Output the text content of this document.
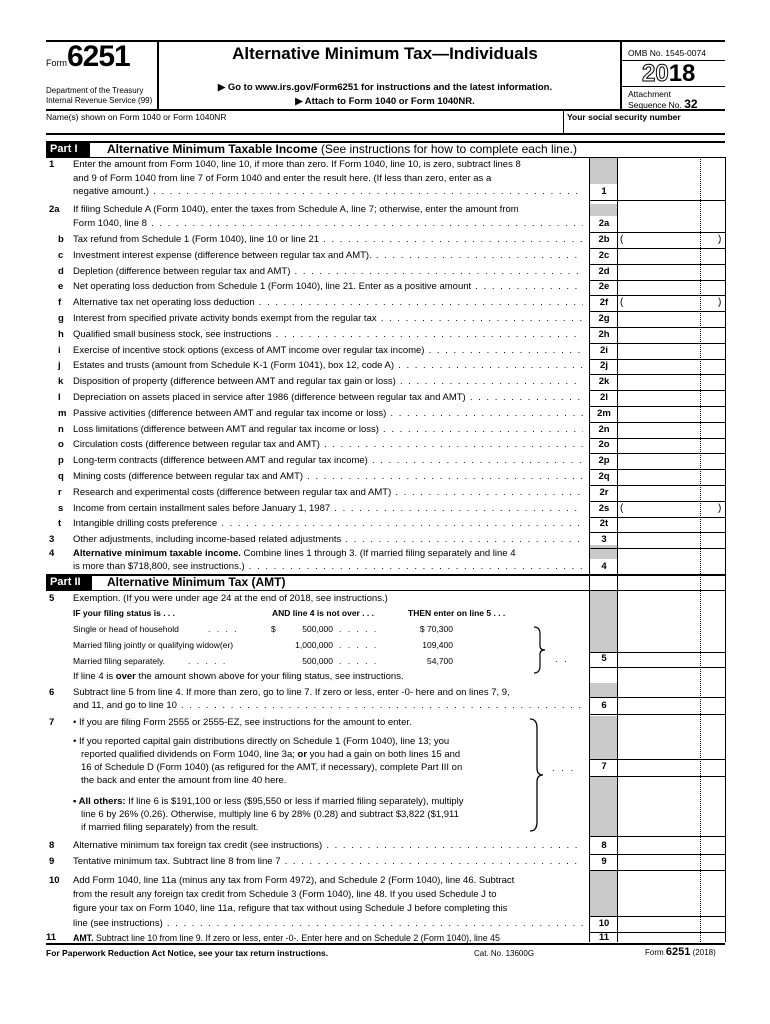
Form 6251
Department of the Treasury
Internal Revenue Service (99)
Alternative Minimum Tax—Individuals
▶ Go to www.irs.gov/Form6251 for instructions and the latest information.
▶ Attach to Form 1040 or Form 1040NR.
OMB No. 1545-0074
2018
Attachment
Sequence No. 32
Name(s) shown on Form 1040 or Form 1040NR	Your social security number
Part I	Alternative Minimum Taxable Income (See instructions for how to complete each line.)
1 Enter the amount from Form 1040, line 10, if more than zero. If Form 1040, line 10, is zero, subtract lines 8
and 9 of Form 1040 from line 7 of Form 1040 and enter the result here. (If less than zero, enter as a
negative amount.) . . .	1
2a If filing Schedule A (Form 1040), enter the taxes from Schedule A, line 7; otherwise, enter the amount from
Form 1040, line 8 . . .	2a
b Tax refund from Schedule 1 (Form 1040), line 10 or line 21 . . .	2b	(	)
c	Investment interest expense (difference between regular tax and AMT). . . .	2c
d Depletion (difference between regular tax and AMT) . . .	2d
e	Net operating loss deduction from Schedule 1 (Form 1040), line 21. Enter as a positive amount . . .	2e
f	Alternative tax net operating loss deduction . . .	2f	(	)
g Interest from specified private activity bonds exempt from the regular tax . . .	2g
h Qualified small business stock, see instructions . . .	2h
i	Exercise of incentive stock options (excess of AMT income over regular tax income) . . .	2i
j	Estates and trusts (amount from Schedule K-1 (Form 1041), box 12, code A) . . .	2j
k	Disposition of property (difference between AMT and regular tax gain or loss) . . .	2k
l	Depreciation on assets placed in service after 1986 (difference between regular tax and AMT) . . .	2l
m Passive activities (difference between AMT and regular tax income or loss) . . .	2m
n Loss limitations (difference between AMT and regular tax income or loss) . . .	2n
o Circulation costs (difference between regular tax and AMT) . . .	2o
p Long-term contracts (difference between AMT and regular tax income) . . .	2p
q Mining costs (difference between regular tax and AMT) . . .	2q
r	Research and experimental costs (difference between regular tax and AMT) . . .	2r
s	Income from certain installment sales before January 1, 1987 . . .	2s	(	)
t	Intangible drilling costs preference . . .	2t
3	Other adjustments, including income-based related adjustments . . .	3
4 Alternative minimum taxable income. Combine lines 1 through 3. (If married filing separately and line 4
is more than $718,800, see instructions.) . . .	4
Part II	Alternative Minimum Tax (AMT)
5 Exemption. (If you were under age 24 at the end of 2018, see instructions.)
IF your filing status is . . .	AND line 4 is not over . . .	THEN enter on line 5 . . .
Single or head of household	. . . .	$	500,000 . . . . .	$ 70,300
Married filing jointly or qualifying widow(er)	1,000,000 . . . . .	109,400
Married filing separately.	. . . . .	500,000 . . . . .	54,700	. .
If line 4 is over the amount shown above for your filing status, see instructions.
5
6 Subtract line 5 from line 4. If more than zero, go to line 7. If zero or less, enter -0- here and on lines 7, 9,
and 11, and go to line 10 . . .	6
7 • If you are filing Form 2555 or 2555-EZ, see instructions for the amount to enter.
• If you reported capital gain distributions directly on Schedule 1 (Form 1040), line 13; you
reported qualified dividends on Form 1040, line 3a; or you had a gain on both lines 15 and
16 of Schedule D (Form 1040) (as refigured for the AMT, if necessary), complete Part III on
the back and enter the amount from line 40 here.
• All others: If line 6 is $191,100 or less ($95,550 or less if married filing separately), multiply
line 6 by 26% (0.26). Otherwise, multiply line 6 by 28% (0.28) and subtract $3,822 ($1,911
if married filing separately) from the result.
. . .	7
8	Alternative minimum tax foreign tax credit (see instructions) . . .	8
9	Tentative minimum tax. Subtract line 8 from line 7 . . .	9
10 Add Form 1040, line 11a (minus any tax from Form 4972), and Schedule 2 (Form 1040), line 46. Subtract
from the result any foreign tax credit from Schedule 3 (Form 1040), line 48. If you used Schedule J to
figure your tax on Form 1040, line 11a, refigure that tax without using Schedule J before completing this
line (see instructions) . . .	10
11 AMT. Subtract line 10 from line 9. If zero or less, enter -0-. Enter here and on Schedule 2 (Form 1040), line 45	11
For Paperwork Reduction Act Notice, see your tax return instructions.	Cat. No. 13600G	Form 6251 (2018)
